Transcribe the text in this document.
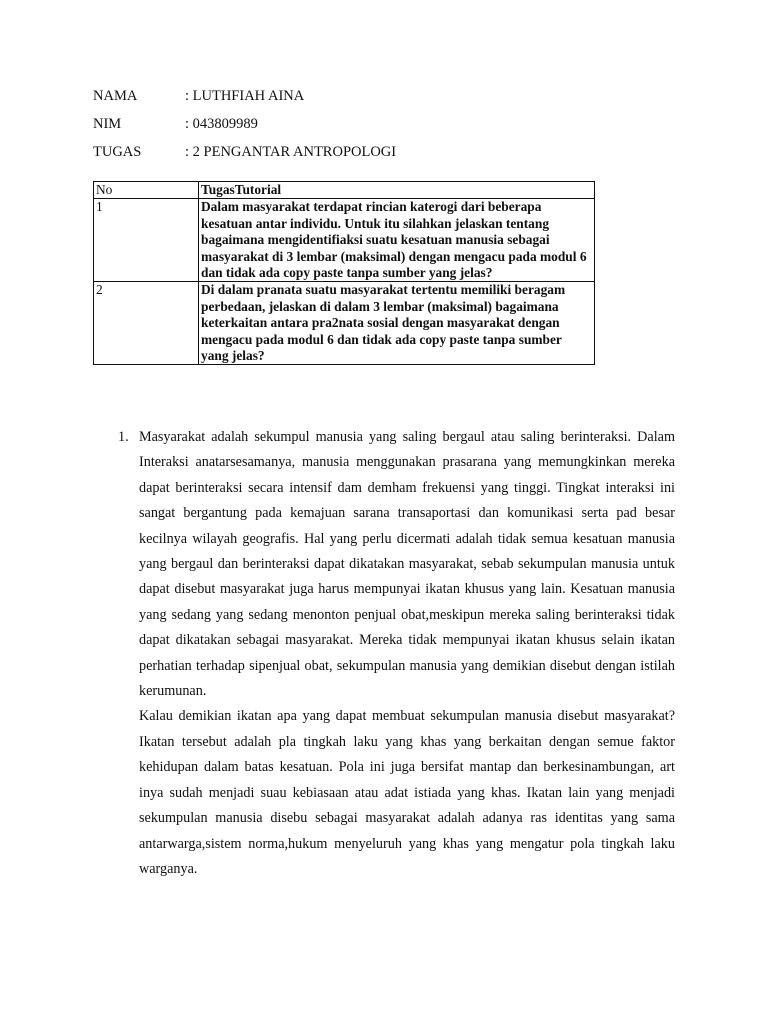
NAMA	: LUTHFIAH AINA
NIM	: 043809989
TUGAS	: 2 PENGANTAR ANTROPOLOGI
No	TugasTutorial
1	Dalam masyarakat terdapat rincian katerogi dari beberapa kesatuan antar individu. Untuk itu silahkan jelaskan tentang bagaimana mengidentifiaksi suatu kesatuan manusia sebagai masyarakat di 3 lembar (maksimal) dengan mengacu pada modul 6 dan tidak ada copy paste tanpa sumber yang jelas?
2	Di dalam pranata suatu masyarakat tertentu memiliki beragam perbedaan, jelaskan di dalam 3 lembar (maksimal) bagaimana keterkaitan antara pra2nata sosial dengan masyarakat dengan mengacu pada modul 6 dan tidak ada copy paste tanpa sumber yang jelas?
1. Masyarakat adalah sekumpul manusia yang saling bergaul atau saling berinteraksi. Dalam Interaksi anatarsesamanya, manusia menggunakan prasarana yang memungkinkan mereka dapat berinteraksi secara intensif dam demham frekuensi yang tinggi. Tingkat interaksi ini sangat bergantung pada kemajuan sarana transaportasi dan komunikasi serta pad besar kecilnya wilayah geografis. Hal yang perlu dicermati adalah tidak semua kesatuan manusia yang bergaul dan berinteraksi dapat dikatakan masyarakat, sebab sekumpulan manusia untuk dapat disebut masyarakat juga harus mempunyai ikatan khusus yang lain. Kesatuan manusia yang sedang yang sedang menonton penjual obat,meskipun mereka saling berinteraksi tidak dapat dikatakan sebagai masyarakat. Mereka tidak mempunyai ikatan khusus selain ikatan perhatian terhadap sipenjual obat, sekumpulan manusia yang demikian disebut dengan istilah kerumunan.

Kalau demikian ikatan apa yang dapat membuat sekumpulan manusia disebut masyarakat? Ikatan tersebut adalah pla tingkah laku yang khas yang berkaitan dengan semue faktor kehidupan dalam batas kesatuan. Pola ini juga bersifat mantap dan berkesinambungan, art inya sudah menjadi suau kebiasaan atau adat istiada yang khas. Ikatan lain yang menjadi sekumpulan manusia disebu sebagai masyarakat adalah adanya ras identitas yang sama antarwarga,sistem norma,hukum menyeluruh yang khas yang mengatur pola tingkah laku warganya.
